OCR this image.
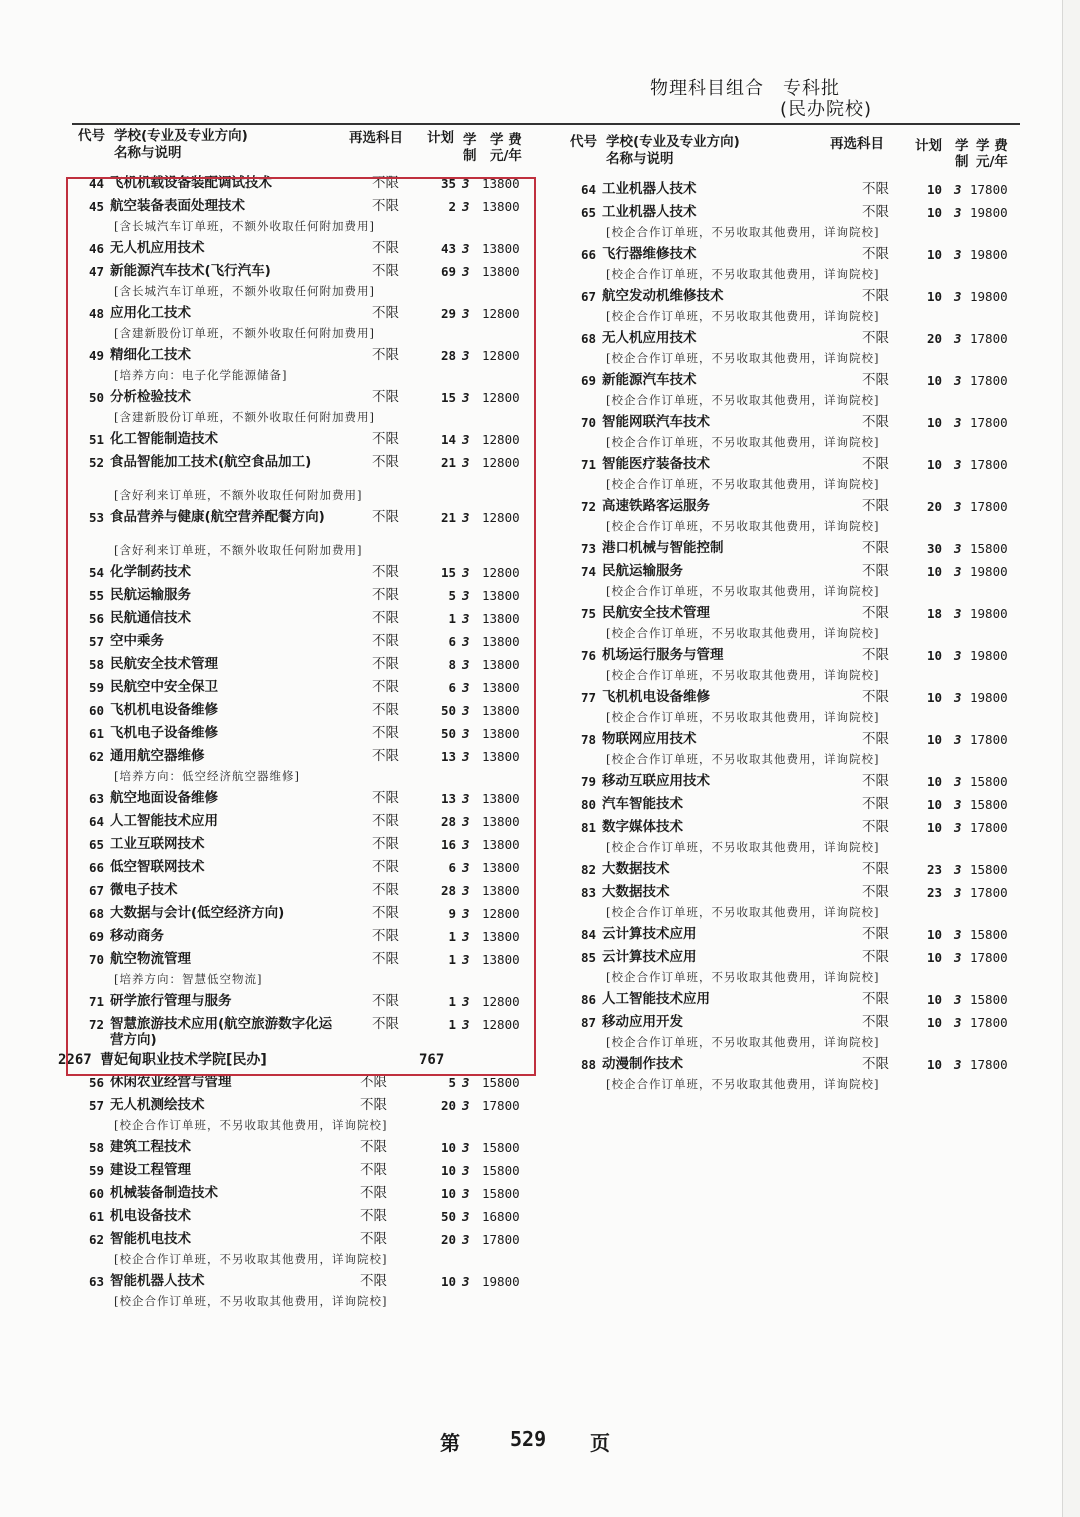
物理科目组合　专科批
(民办院校)
代号 学校(专业及专业方向)
名称与说明
再选科目 计划 学
制
学 费
元/年
44 飞机机载设备装配调试技术	不限	35 3 13800
45 航空装备表面处理技术	不限	2 3 13800
[含长城汽车订单班，不额外收取任何附加费用]
46 无人机应用技术	不限	43 3 13800
47 新能源汽车技术(飞行汽车)	不限	69 3 13800
[含长城汽车订单班，不额外收取任何附加费用]
48 应用化工技术	不限	29 3 12800
[含建新股份订单班，不额外收取任何附加费用]
49 精细化工技术	不限	28 3 12800
[培养方向：电子化学能源储备]
50 分析检验技术	不限	15 3 12800
[含建新股份订单班，不额外收取任何附加费用]
51 化工智能制造技术	不限	14 3 12800
52 食品智能加工技术(航空食品加工)	不限	21 3 12800
[含好利来订单班，不额外收取任何附加费用]
53 食品营养与健康(航空营养配餐方向)	不限	21 3 12800
[含好利来订单班，不额外收取任何附加费用]
54 化学制药技术	不限	15 3 12800
55 民航运输服务	不限	5 3 13800
56 民航通信技术	不限	1 3 13800
57 空中乘务	不限	6 3 13800
58 民航安全技术管理	不限	8 3 13800
59 民航空中安全保卫	不限	6 3 13800
60 飞机机电设备维修	不限	50 3 13800
61 飞机电子设备维修	不限	50 3 13800
62 通用航空器维修	不限	13 3 13800
[培养方向：低空经济航空器维修]
63 航空地面设备维修	不限	13 3 13800
64 人工智能技术应用	不限	28 3 13800
65 工业互联网技术	不限	16 3 13800
66 低空智联网技术	不限	6 3 13800
67 微电子技术	不限	28 3 13800
68 大数据与会计(低空经济方向)	不限	9 3 12800
69 移动商务	不限	1 3 13800
70 航空物流管理	不限	1 3 13800
[培养方向：智慧低空物流]
71 研学旅行管理与服务	不限	1 3 12800
72 智慧旅游技术应用(航空旅游数字化运营方向)
不限	1 3 12800
2267 曹妃甸职业技术学院[民办]	767
56 休闲农业经营与管理	不限	5 3 15800
57 无人机测绘技术	不限	20 3 17800
[校企合作订单班，不另收取其他费用，详询院校]
58 建筑工程技术	不限	10 3 15800
59 建设工程管理	不限	10 3 15800
60 机械装备制造技术	不限	10 3 15800
61 机电设备技术	不限	50 3 16800
62 智能机电技术	不限	20 3 17800
[校企合作订单班，不另收取其他费用，详询院校]
63 智能机器人技术	不限	10 3 19800
[校企合作订单班，不另收取其他费用，详询院校]
代号 学校(专业及专业方向)
名称与说明
再选科目 计划 学
制
学 费
元/年
64 工业机器人技术	不限	10 3 17800
65 工业机器人技术	不限	10 3 19800
[校企合作订单班，不另收取其他费用，详询院校]
66 飞行器维修技术	不限	10 3 19800
[校企合作订单班，不另收取其他费用，详询院校]
67 航空发动机维修技术	不限	10 3 19800
[校企合作订单班，不另收取其他费用，详询院校]
68 无人机应用技术	不限	20 3 17800
[校企合作订单班，不另收取其他费用，详询院校]
69 新能源汽车技术	不限	10 3 17800
[校企合作订单班，不另收取其他费用，详询院校]
70 智能网联汽车技术	不限	10 3 17800
[校企合作订单班，不另收取其他费用，详询院校]
71 智能医疗装备技术	不限	10 3 17800
[校企合作订单班，不另收取其他费用，详询院校]
72 高速铁路客运服务	不限	20 3 17800
[校企合作订单班，不另收取其他费用，详询院校]
73 港口机械与智能控制	不限	30 3 15800
74 民航运输服务	不限	10 3 19800
[校企合作订单班，不另收取其他费用，详询院校]
75 民航安全技术管理	不限	18 3 19800
[校企合作订单班，不另收取其他费用，详询院校]
76 机场运行服务与管理	不限	10 3 19800
[校企合作订单班，不另收取其他费用，详询院校]
77 飞机机电设备维修	不限	10 3 19800
[校企合作订单班，不另收取其他费用，详询院校]
78 物联网应用技术	不限	10 3 17800
[校企合作订单班，不另收取其他费用，详询院校]
79 移动互联应用技术	不限	10 3 15800
80 汽车智能技术	不限	10 3 15800
81 数字媒体技术	不限	10 3 17800
[校企合作订单班，不另收取其他费用，详询院校]
82 大数据技术	不限	23 3 15800
83 大数据技术	不限	23 3 17800
[校企合作订单班，不另收取其他费用，详询院校]
84 云计算技术应用	不限	10 3 15800
85 云计算技术应用	不限	10 3 17800
[校企合作订单班，不另收取其他费用，详询院校]
86 人工智能技术应用	不限	10 3 15800
87 移动应用开发	不限	10 3 17800
[校企合作订单班，不另收取其他费用，详询院校]
88 动漫制作技术	不限	10 3 17800
[校企合作订单班，不另收取其他费用，详询院校]
第	529 页
